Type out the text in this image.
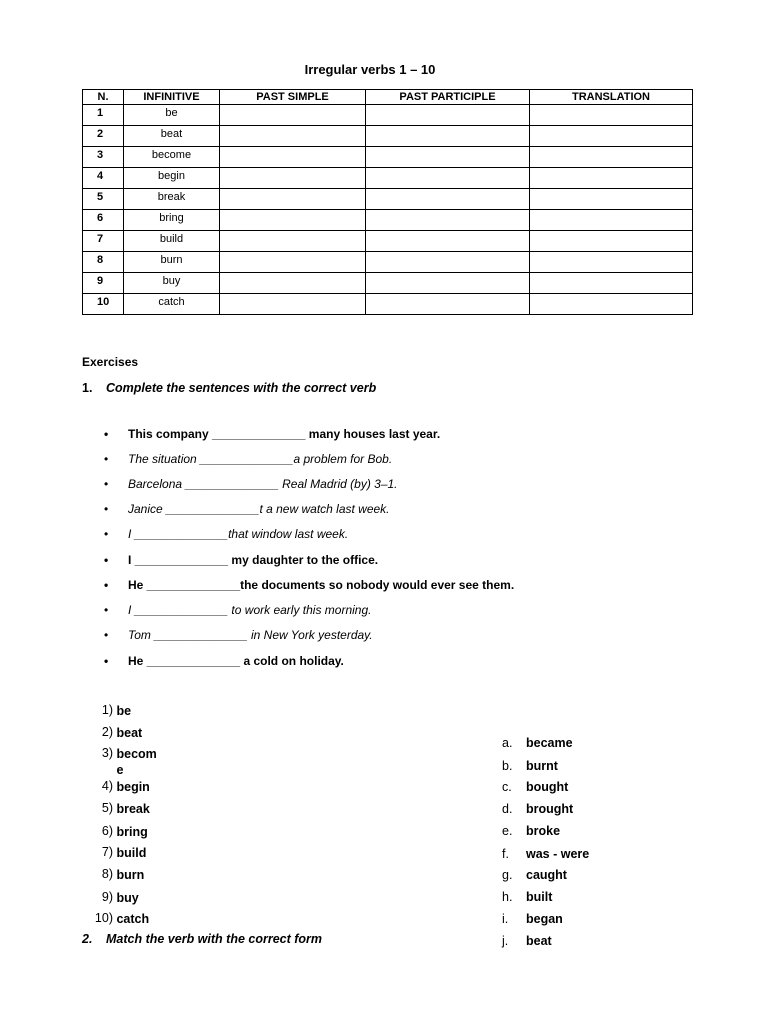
Irregular verbs 1 – 10
N.	INFINITIVE	PAST SIMPLE	PAST PARTICIPLE	TRANSLATION
1	be			
2	beat			
3	become			
4	begin			
5	break			
6	bring			
7	build			
8	burn			
9	buy			
10	catch			
Exercises
1. Complete the sentences with the correct verb
• This company ______________ many houses last year.
• The situation ______________a problem for Bob.
• Barcelona ______________ Real Madrid (by) 3–1.
• Janice ______________t a new watch last week.
• I ______________that window last week.
• I ______________ my daughter to the office.
• He ______________the documents so nobody would ever see them.
• I ______________ to work early this morning.
• Tom ______________ in New York yesterday.
• He ______________ a cold on holiday.
1) be
2) beat
3) become
4) begin
5) break
6) bring
7) build
8) burn
9) buy
10) catch
2. Match the verb with the correct form
a. became
b. burnt
c. bought
d. brought
e. broke
f. was - were
g. caught
h. built
i. began
j. beat
